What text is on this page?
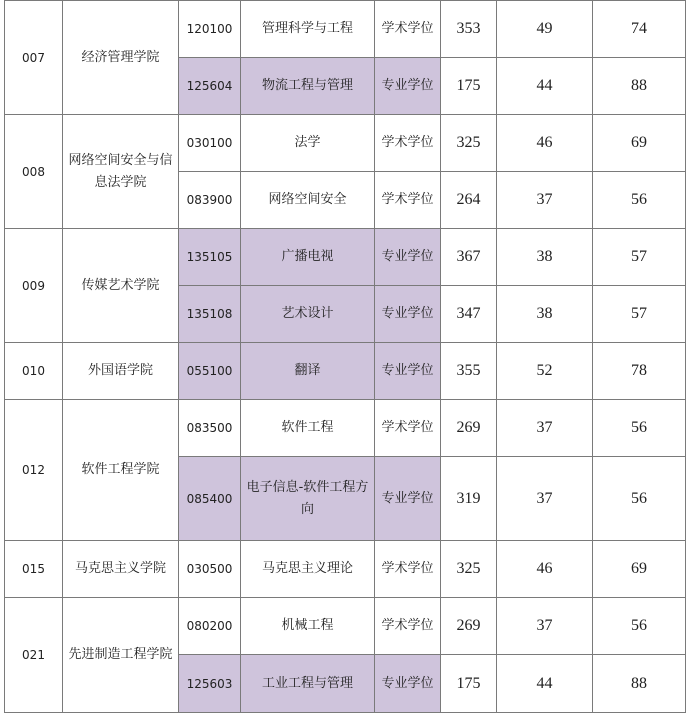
007	经济管理学院	120100	管理科学与工程	学术学位	353	49	74
		125604	物流工程与管理	专业学位	175	44	88
008	网络空间安全与信息法学院	030100	法学	学术学位	325	46	69
		083900	网络空间安全	学术学位	264	37	56
009	传媒艺术学院	135105	广播电视	专业学位	367	38	57
		135108	艺术设计	专业学位	347	38	57
010	外国语学院	055100	翻译	专业学位	355	52	78
012	软件工程学院	083500	软件工程	学术学位	269	37	56
		085400	电子信息-软件工程方向	专业学位	319	37	56
015	马克思主义学院	030500	马克思主义理论	学术学位	325	46	69
021	先进制造工程学院	080200	机械工程	学术学位	269	37	56
		125603	工业工程与管理	专业学位	175	44	88
